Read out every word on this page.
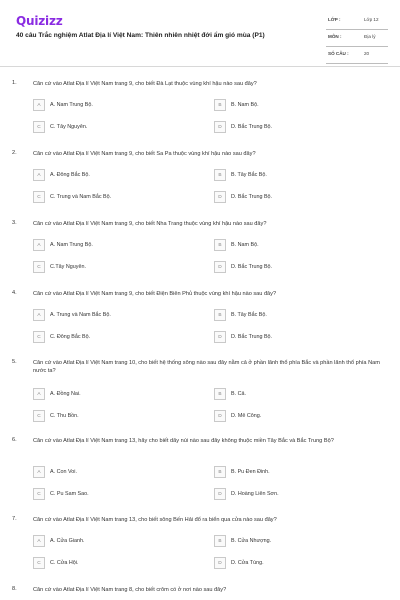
Quizizz
40 câu Trắc nghiệm Atlat Địa lí Việt Nam: Thiên nhiên nhiệt đới ẩm gió mùa (P1)
LỚP :	Lớp 12
MÔN :	Địa lý
SỐ CÂU :	20
1.	Căn cứ vào Atlat Địa lí Việt Nam trang 9, cho biết Đà Lạt thuộc vùng khí hậu nào sau đây?
A	A. Nam Trung Bộ.	B	B. Nam Bộ.
C	C. Tây Nguyên.	D	D. Bắc Trung Bộ.
2.	Căn cứ vào Atlat Địa lí Việt Nam trang 9, cho biết Sa Pa thuộc vùng khí hậu nào sau đây?
A	A. Đông Bắc Bộ.	B	B. Tây Bắc Bộ.
C	C. Trung và Nam Bắc Bộ.	D	D. Bắc Trung Bộ.
3.	Căn cứ vào Atlat Địa lí Việt Nam trang 9, cho biết Nha Trang thuộc vùng khí hậu nào sau đây?
A	A. Nam Trung Bộ.	B	B. Nam Bộ.
C	C.Tây Nguyên.	D	D. Bắc Trung Bộ.
4.	Căn cứ vào Atlat Địa lí Việt Nam trang 9, cho biết Điện Biên Phủ thuộc vùng khí hậu nào sau đây?
A	A. Trung và Nam Bắc Bộ.	B	B. Tây Bắc Bộ.
C	C. Đông Bắc Bộ.	D	D. Bắc Trung Bộ.
5.	Căn cứ vào Atlat Địa lí Việt Nam trang 10, cho biết hệ thống sông nào sau đây nằm cả ở phần lãnh thổ phía Bắc và phần lãnh thổ phía Nam nước ta?
A	A. Đồng Nai.	B	B. Cả.
C	C. Thu Bồn.	D	D. Mê Công.
6.	Căn cứ vào Atlat Địa lí Việt Nam trang 13, hãy cho biết dãy núi nào sau đây không thuộc miền Tây Bắc và Bắc Trung Bộ?
A	A. Con Voi.	B	B. Pu Đen Đinh.
C	C. Pu Sam Sao.	D	D. Hoàng Liên Sơn.
7.	Căn cứ vào Atlat Địa lí Việt Nam trang 13, cho biết sông Bến Hải đổ ra biển qua cửa nào sau đây?
A	A. Cửa Gianh.	B	B. Cửa Nhượng.
C	C. Cửa Hội.	D	D. Cửa Tùng.
8.	Căn cứ vào Atlat Địa lí Việt Nam trang 8, cho biết crôm có ở nơi nào sau đây?
